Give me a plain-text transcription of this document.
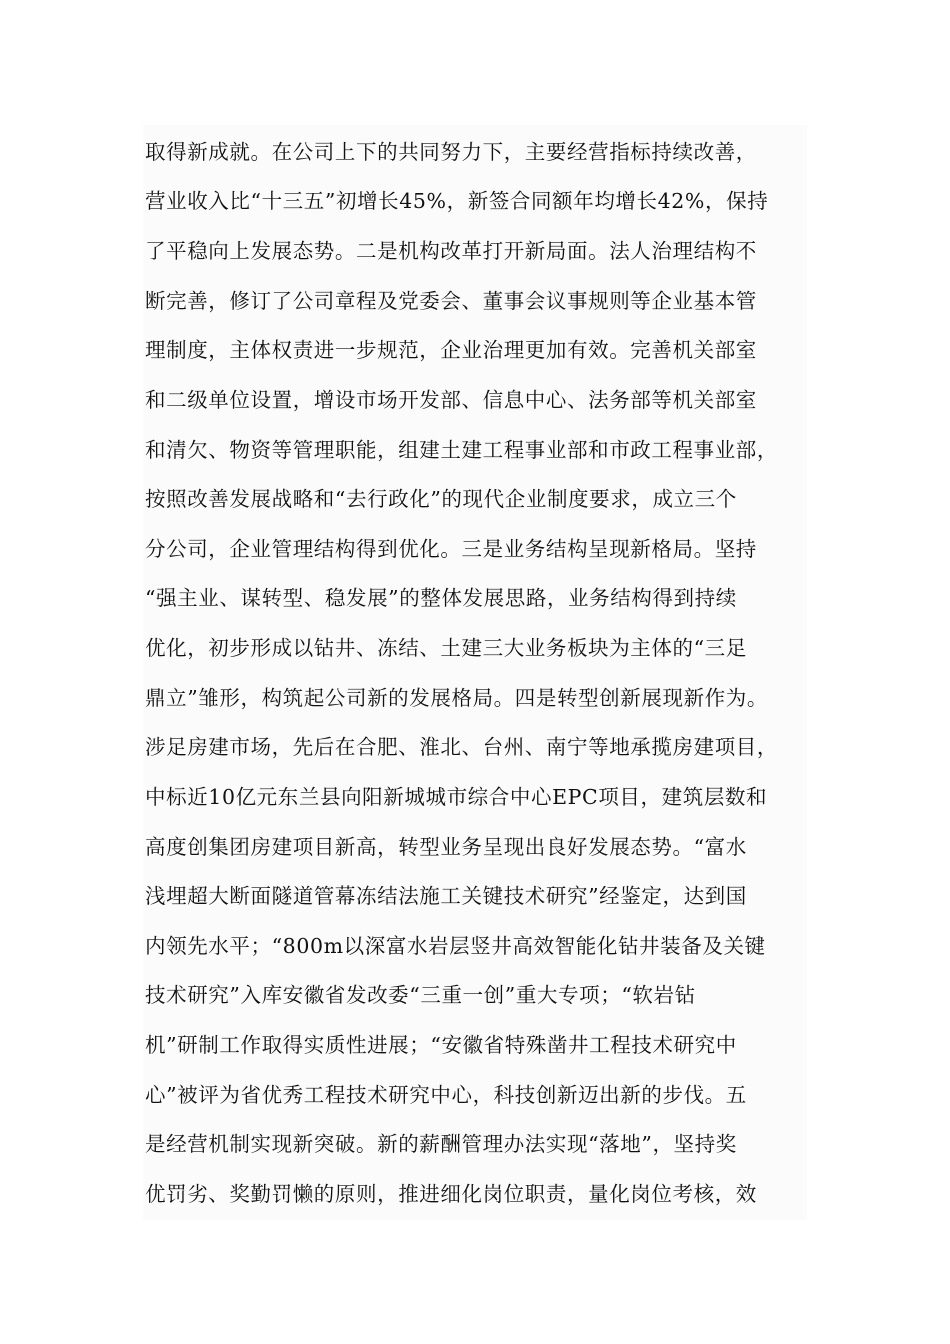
取得新成就。在公司上下的共同努力下，主要经营指标持续改善，
营业收入比“十三五”初增长45%，新签合同额年均增长42%，保持
了平稳向上发展态势。二是机构改革打开新局面。法人治理结构不
断完善，修订了公司章程及党委会、董事会议事规则等企业基本管
理制度，主体权责进一步规范，企业治理更加有效。完善机关部室
和二级单位设置，增设市场开发部、信息中心、法务部等机关部室
和清欠、物资等管理职能，组建土建工程事业部和市政工程事业部，
按照改善发展战略和“去行政化”的现代企业制度要求，成立三个
分公司，企业管理结构得到优化。三是业务结构呈现新格局。坚持
“强主业、谋转型、稳发展”的整体发展思路，业务结构得到持续
优化，初步形成以钻井、冻结、土建三大业务板块为主体的“三足
鼎立”雏形，构筑起公司新的发展格局。四是转型创新展现新作为。
涉足房建市场，先后在合肥、淮北、台州、南宁等地承揽房建项目，
中标近10亿元东兰县向阳新城城市综合中心EPC项目，建筑层数和
高度创集团房建项目新高，转型业务呈现出良好发展态势。“富水
浅埋超大断面隧道管幕冻结法施工关键技术研究”经鉴定，达到国
内领先水平；“800m以深富水岩层竖井高效智能化钻井装备及关键
技术研究”入库安徽省发改委“三重一创”重大专项；“软岩钻
机”研制工作取得实质性进展；“安徽省特殊凿井工程技术研究中
心”被评为省优秀工程技术研究中心，科技创新迈出新的步伐。五
是经营机制实现新突破。新的薪酬管理办法实现“落地”，坚持奖
优罚劣、奖勤罚懒的原则，推进细化岗位职责，量化岗位考核，效
